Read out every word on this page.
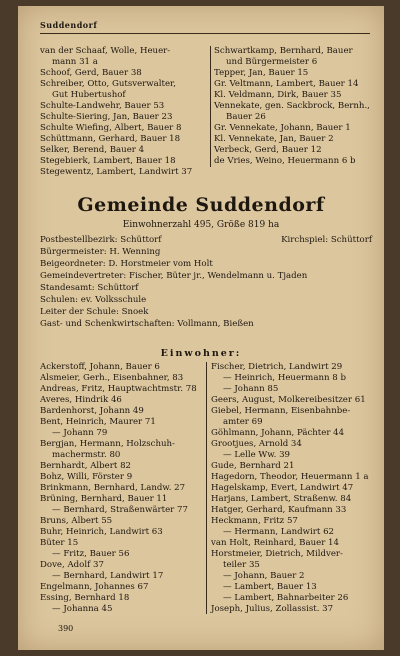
Suddendorf
van der Schaaf, Wolle, Heuer-
mann 31 a
Schoof, Gerd, Bauer 38
Schreiber, Otto, Gutsverwalter,
Gut Hubertushof
Schulte-Landwehr, Bauer 53
Schulte-Siering, Jan, Bauer 23
Schulte Wiefing, Albert, Bauer 8
Schüttmann, Gerhard, Bauer 18
Selker, Berend, Bauer 4
Stegebierk, Lambert, Bauer 18
Stegewentz, Lambert, Landwirt 37
Schwartkamp, Bernhard, Bauer
und Bürgermeister 6
Tepper, Jan, Bauer 15
Gr. Veltmann, Lambert, Bauer 14
Kl. Veldmann, Dirk, Bauer 35
Vennekate, gen. Sackbrock, Bernh.,
Bauer 26
Gr. Vennekate, Johann, Bauer 1
Kl. Vennekate, Jan, Bauer 2
Verbeck, Gerd, Bauer 12
de Vries, Weino, Heuermann 6 b
Gemeinde Suddendorf
Einwohnerzahl 495, Größe 819 ha
Postbestellbezirk: Schüttorf	Kirchspiel: Schüttorf
Bürgermeister: H. Wenning
Beigeordneter: D. Horstmeier vom Holt
Gemeindevertreter: Fischer, Büter jr., Wendelmann u. Tjaden
Standesamt: Schüttorf
Schulen: ev. Volksschule
Leiter der Schule: Snoek
Gast- und Schenkwirtschaften: Vollmann, Bießen
Einwohner:
Ackerstoff, Johann, Bauer 6
Alsmeier, Gerh., Eisenbahner, 83
Andreas, Fritz, Hauptwachtmstr. 78
Averes, Hindrik 46
Bardenhorst, Johann 49
Bent, Heinrich, Maurer 71
— Johann 79
Bergjan, Hermann, Holzschuh-
machermstr. 80
Bernhardt, Albert 82
Bohz, Willi, Förster 9
Brinkmann, Bernhard, Landw. 27
Brüning, Bernhard, Bauer 11
— Bernhard, Straßenwärter 77
Bruns, Albert 55
Buhr, Heinrich, Landwirt 63
Büter 15
— Fritz, Bauer 56
Dove, Adolf 37
— Bernhard, Landwirt 17
Engelmann, Johannes 67
Essing, Bernhard 18
— Johanna 45
Fischer, Dietrich, Landwirt 29
— Heinrich, Heuermann 8 b
— Johann 85
Geers, August, Molkereibesitzer 61
Giebel, Hermann, Eisenbahnbe-
amter 69
Göhlmann, Johann, Pächter 44
Grootjues, Arnold 34
— Lelle Ww. 39
Gude, Bernhard 21
Hagedorn, Theodor, Heuermann 1 a
Hagelskamp, Evert, Landwirt 47
Harjans, Lambert, Straßenw. 84
Hatger, Gerhard, Kaufmann 33
Heckmann, Fritz 57
— Hermann, Landwirt 62
van Holt, Reinhard, Bauer 14
Horstmeier, Dietrich, Mildver-
teiler 35
— Johann, Bauer 2
— Lambert, Bauer 13
— Lambert, Bahnarbeiter 26
Joseph, Julius, Zollassist. 37
390
